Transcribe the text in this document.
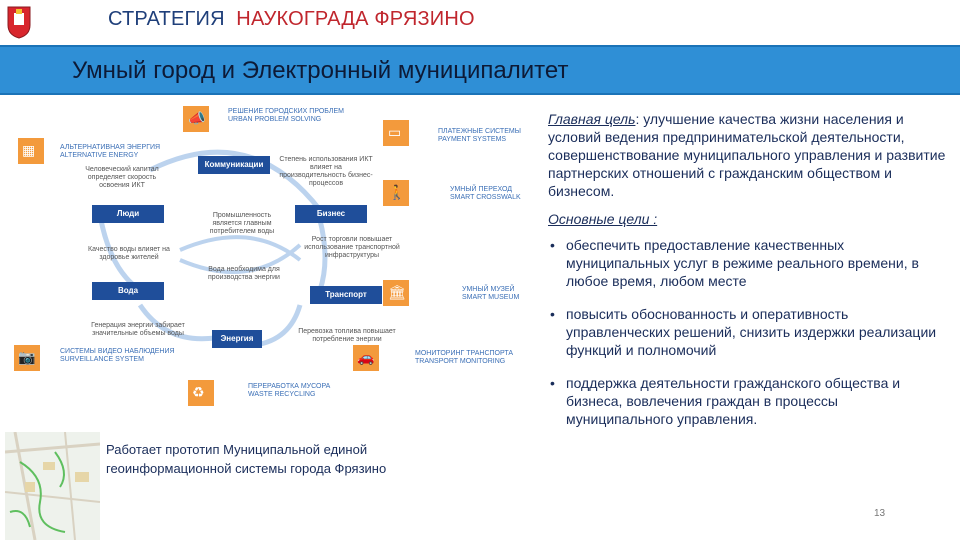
СТРАТЕГИЯ НАУКОГРАДА ФРЯЗИНО
Умный город и Электронный муниципалитет
📣
▦
▭
🚶
🏛
📷	🚗
♻
РЕШЕНИЕ ГОРОДСКИХ ПРОБЛЕМ
URBAN PROBLEM SOLVING
ПЛАТЕЖНЫЕ СИСТЕМЫ
PAYMENT SYSTEMS
АЛЬТЕРНАТИВНАЯ ЭНЕРГИЯ
ALTERNATIVE ENERGY
УМНЫЙ ПЕРЕХОД
SMART CROSSWALK
УМНЫЙ МУЗЕЙ
SMART MUSEUM
СИСТЕМЫ ВИДЕО НАБЛЮДЕНИЯ
SURVEILLANCE SYSTEM
МОНИТОРИНГ ТРАНСПОРТА
TRANSPORT MONITORING
ПЕРЕРАБОТКА МУСОРА
WASTE RECYCLING
Коммуникации
Люди	Бизнес
Вода	Транспорт
Энергия
Человеческий капитал определяет скорость освоения ИКТ
Степень использования ИКТ влияет на производительность бизнес-процессов
Промышленность является главным потребителем воды
Рост торговли повышает использование транспортной инфраструктуры
Качество воды влияет на здоровье жителей
Вода необходима для производства энергии
Генерация энергии забирает значительные объемы воды	Перевозка топлива повышает потребление энергии
Главная цель: улучшение качества жизни населения и условий ведения предпринимательской деятельности, совершенствование муниципального управления и развитие партнерских отношений с гражданским обществом и бизнесом.
Основные цели :
• обеспечить предоставление качественных муниципальных услуг в режиме реального времени, в любое время, любом месте
• повысить обоснованность и оперативность управленческих решений, снизить издержки реализации функций и полномочий
• поддержка деятельности гражданского общества и бизнеса, вовлечения граждан в процессы муниципального управления.
Работает прототип Муниципальной единой геоинформационной системы города Фрязино
13
